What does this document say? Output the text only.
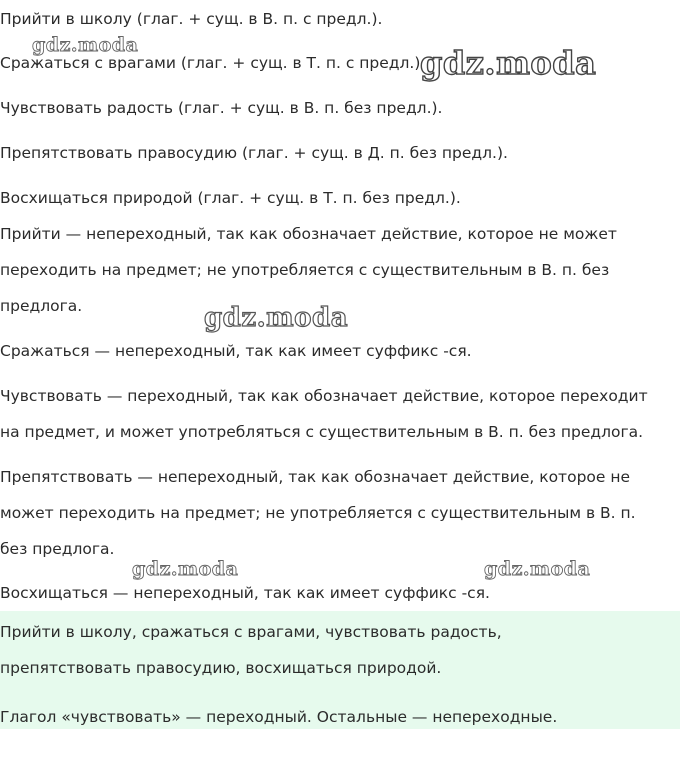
Прийти в школу (глаг. + сущ. в В. п. с предл.).
Сражаться с врагами (глаг. + сущ. в Т. п. с предл.).
Чувствовать радость (глаг. + сущ. в В. п. без предл.).
Препятствовать правосудию (глаг. + сущ. в Д. п. без предл.).
Восхищаться природой (глаг. + сущ. в Т. п. без предл.).
Прийти — непереходный, так как обозначает действие, которое не может
переходить на предмет; не употребляется с существительным в В. п. без
предлога.
Сражаться — непереходный, так как имеет суффикс -ся.
Чувствовать — переходный, так как обозначает действие, которое переходит
на предмет, и может употребляться с существительным в В. п. без предлога.
Препятствовать — непереходный, так как обозначает действие, которое не
может переходить на предмет; не употребляется с существительным в В. п.
без предлога.
Восхищаться — непереходный, так как имеет суффикс -ся.
Прийти в школу, сражаться с врагами, чувствовать радость,
препятствовать правосудию, восхищаться природой.
Глагол «чувствовать» — переходный. Остальные — непереходные.
gdz.moda	gdz.moda
gdz.moda
gdz.moda	gdz.moda
